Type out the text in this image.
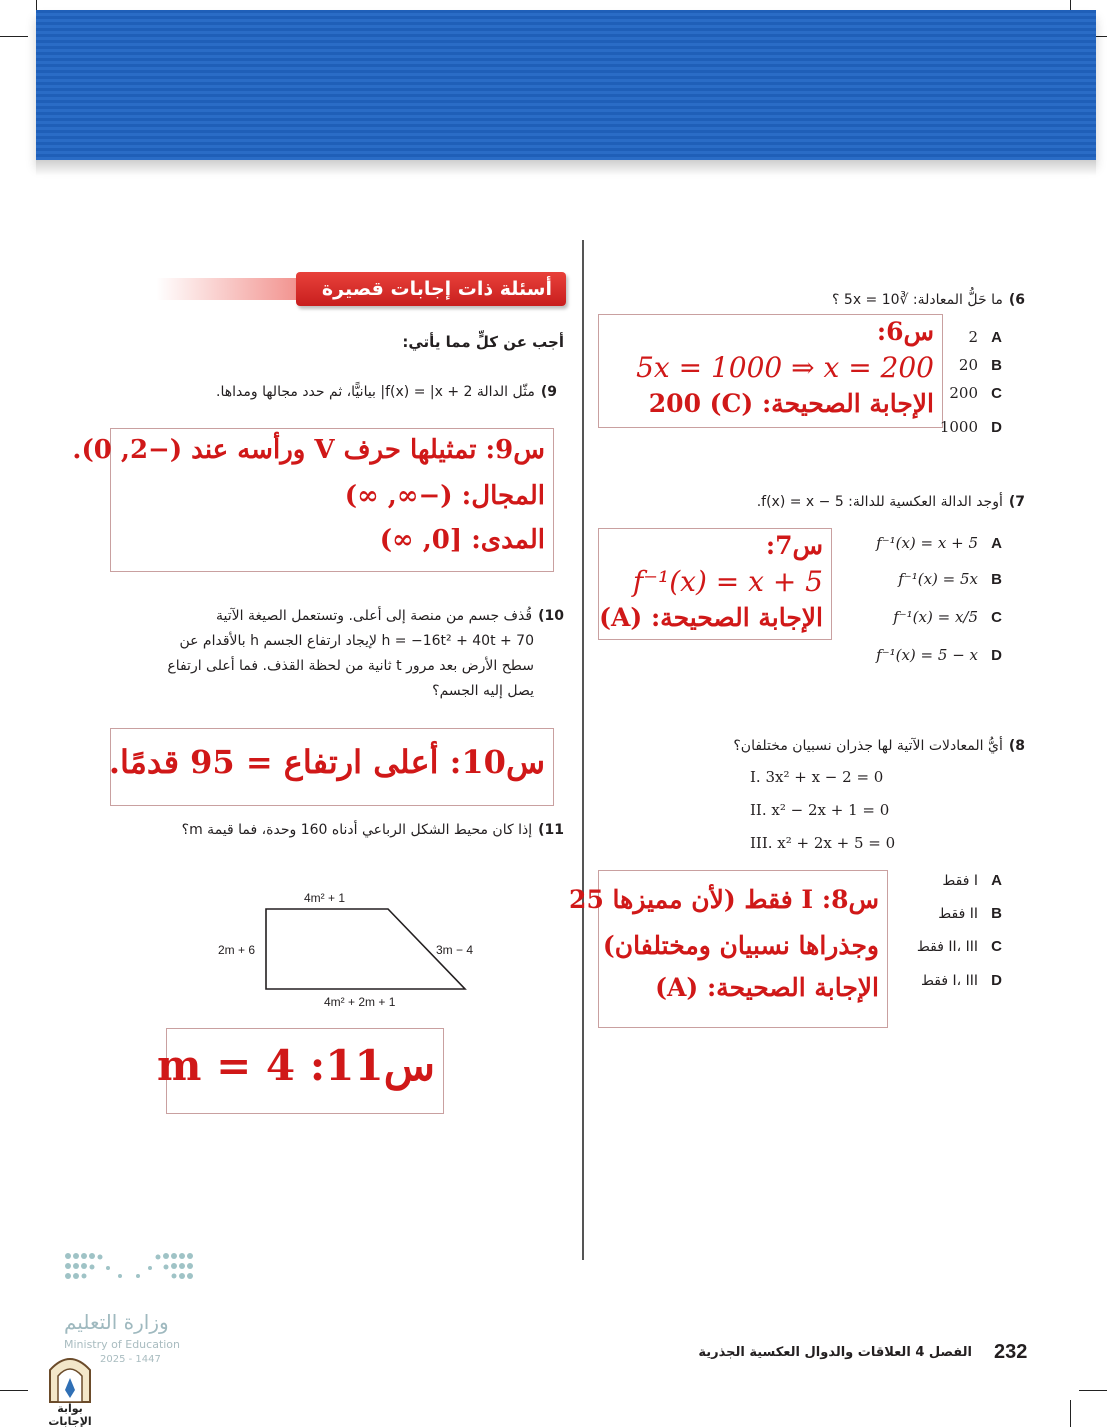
6)ما حَلُّ المعادلة: ∛5x = 10 ؟
س6:
5x = 1000 ⇒ x = 200
الإجابة الصحيحة: (C) 200
2 A
20 B
200 C
1000 D
7)أوجد الدالة العكسية للدالة: f(x) = x − 5.
س7:
f⁻¹(x) = x + 5
الإجابة الصحيحة: (A)
f⁻¹(x) = x + 5 A
f⁻¹(x) = 5x B
f⁻¹(x) = x/5 C
f⁻¹(x) = 5 − x D
8)أيُّ المعادلات الآتية لها جذران نسبيان مختلفان؟
I. 3x² + x − 2 = 0
II. x² − 2x + 1 = 0
III. x² + 2x + 5 = 0
س8: I فقط (لأن مميزها 25
وجذراها نسبيان ومختلفان)
الإجابة الصحيحة: (A)
A
I فقط
B
II فقط
C
II، III فقط
D
I، III فقط
أسئلة ذات إجابات قصيرة
أجب عن كلٍّ مما يأتي:
9)مثّل الدالة f(x) = |x + 2| بيانيًّا، ثم حدد مجالها ومداها.
س9: تمثيلها حرف V ورأسه عند (−2, 0).
المجال: (−∞, ∞)
المدى: [0, ∞)
10)قُذف جسم من منصة إلى أعلى. وتستعمل الصيغة الآتية
h = −16t² + 40t + 70 لإيجاد ارتفاع الجسم h بالأقدام عن
سطح الأرض بعد مرور t ثانية من لحظة القذف. فما أعلى ارتفاع
يصل إليه الجسم؟
س10: أعلى ارتفاع = 95 قدمًا.
11)إذا كان محيط الشكل الرباعي أدناه 160 وحدة، فما قيمة m؟
4m² + 1
2m + 6	3m − 4
4m² + 2m + 1
س11: m = 4
وزارة التعليم
Ministry of Education
2025 - 1447
بوابة الإجابات
الفصل 4 العلاقات والدوال العكسية الجذرية 232
